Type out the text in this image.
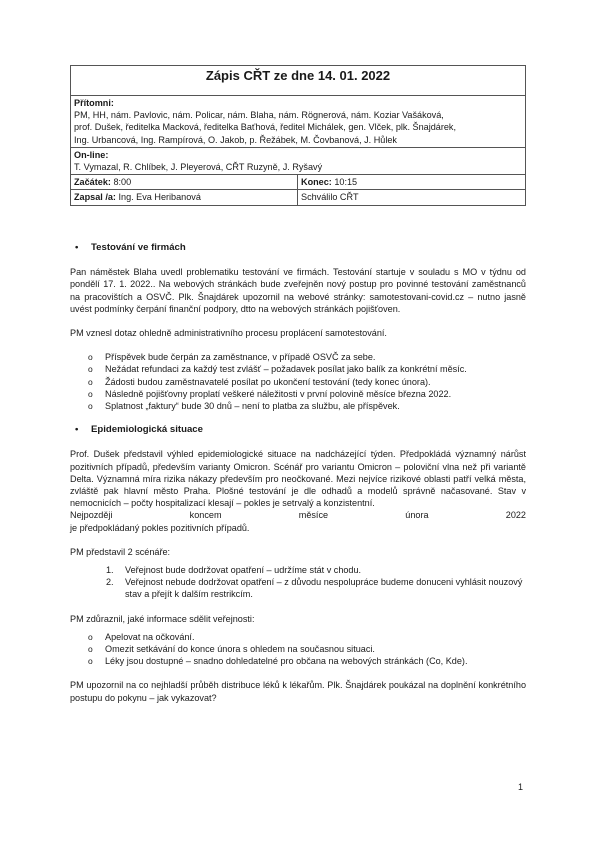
Zápis CŘT ze dne 14. 01. 2022	
Přítomni:
PM, HH, nám. Pavlovic, nám. Policar, nám. Blaha, nám. Rögnerová, nám. Koziar Vašáková,
prof. Dušek, ředitelka Macková, ředitelka Baťhová, ředitel Michálek, gen. Vlček, plk. Šnajdárek,
Ing. Urbancová, Ing. Rampírová, O. Jakob, p. Řežábek, M. Čovbanová, J. Hůlek	
On-line:
T. Vymazal, R. Chlíbek, J. Pleyerová, CŘT Ruzyně, J. Ryšavý	
Začátek: 8:00	Konec: 10:15
Zapsal /a: Ing. Eva Heribanová	Schválilo CŘT
• Testování ve firmách

Pan náměstek Blaha uvedl problematiku testování ve firmách. Testování startuje v souladu s MO v týdnu od pondělí 17. 1. 2022.. Na webových stránkách bude zveřejněn nový postup pro povinné testování zaměstnanců na pracovištích a OSVČ. Plk. Šnajdárek upozornil na webové stránky: samotestovani-covid.cz – nutno jasně uvést podmínky čerpání finanční podpory, dtto na webových stránkách pojišťoven.

PM vznesl dotaz ohledně administrativního procesu proplácení samotestování.

o Příspěvek bude čerpán za zaměstnance, v případě OSVČ za sebe.
o Nežádat refundaci za každý test zvlášť – požadavek posílat jako balík za konkrétní měsíc.
o Žádosti budou zaměstnavatelé posílat po ukončení testování (tedy konec února).
o Následně pojišťovny proplatí veškeré náležitosti v první polovině měsíce března 2022.
o Splatnost „faktury“ bude 30 dnů – není to platba za službu, ale příspěvek.
• Epidemiologická situace

Prof. Dušek představil výhled epidemiologické situace na nadcházející týden. Předpokládá významný nárůst pozitivních případů, především varianty Omicron. Scénář pro variantu Omicron – poloviční vlna než při variantě Delta. Významná míra rizika nákazy především pro neočkované. Mezi nejvíce rizikové oblasti patří velká města, zvláště pak hlavní město Praha. Plošné testování je dle odhadů a modelů správně načasované. Stav v nemocnicích – počty hospitalizací klesají – pokles je setrvalý a konzistentní.

Nejpozději koncem měsíce února 2022

je předpokládaný pokles pozitivních případů.

PM představil 2 scénáře:

1. Veřejnost bude dodržovat opatření – udržíme stát v chodu.
2. Veřejnost nebude dodržovat opatření – z důvodu nespolupráce budeme donuceni vyhlásit nouzový stav a přejít k dalším restrikcím.

PM zdůraznil, jaké informace sdělit veřejnosti:

o Apelovat na očkování.
o Omezit setkávání do konce února s ohledem na současnou situaci.
o Léky jsou dostupné – snadno dohledatelné pro občana na webových stránkách (Co, Kde).

PM upozornil na co nejhladší průběh distribuce léků k lékařům. Plk. Šnajdárek poukázal na doplnění konkrétního postupu do pokynu – jak vykazovat?

1
